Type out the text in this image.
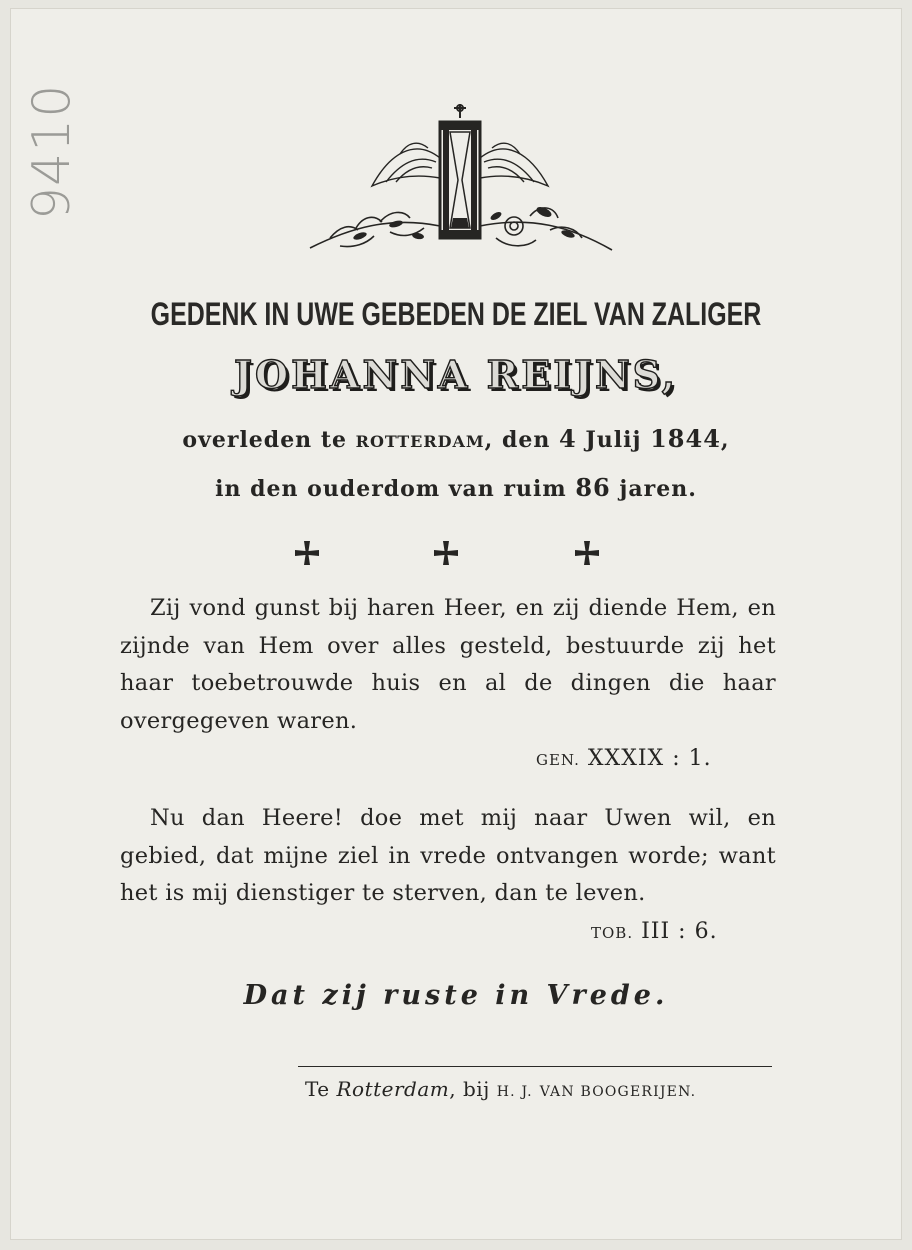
9410
GEDENK IN UWE GEBEDEN DE ZIEL VAN ZALIGER
JOHANNA REIJNS,
overleden te ROTTERDAM, den 4 Julij 1844,
in den ouderdom van ruim 86 jaren.

Zij vond gunst bij haren Heer, en zij diende Hem, en zijnde van Hem over alles gesteld, bestuurde zij het haar toebetrouwde huis en al de dingen die haar overgegeven waren.

GEN. XXXIX : 1.

Nu dan Heere! doe met mij naar Uwen wil, en gebied, dat mijne ziel in vrede ontvangen worde; want het is mij dienstiger te sterven, dan te leven.

TOB. III : 6.
Dat zij ruste in Vrede.
Te Rotterdam, bij H. J. VAN BOOGERIJEN.
